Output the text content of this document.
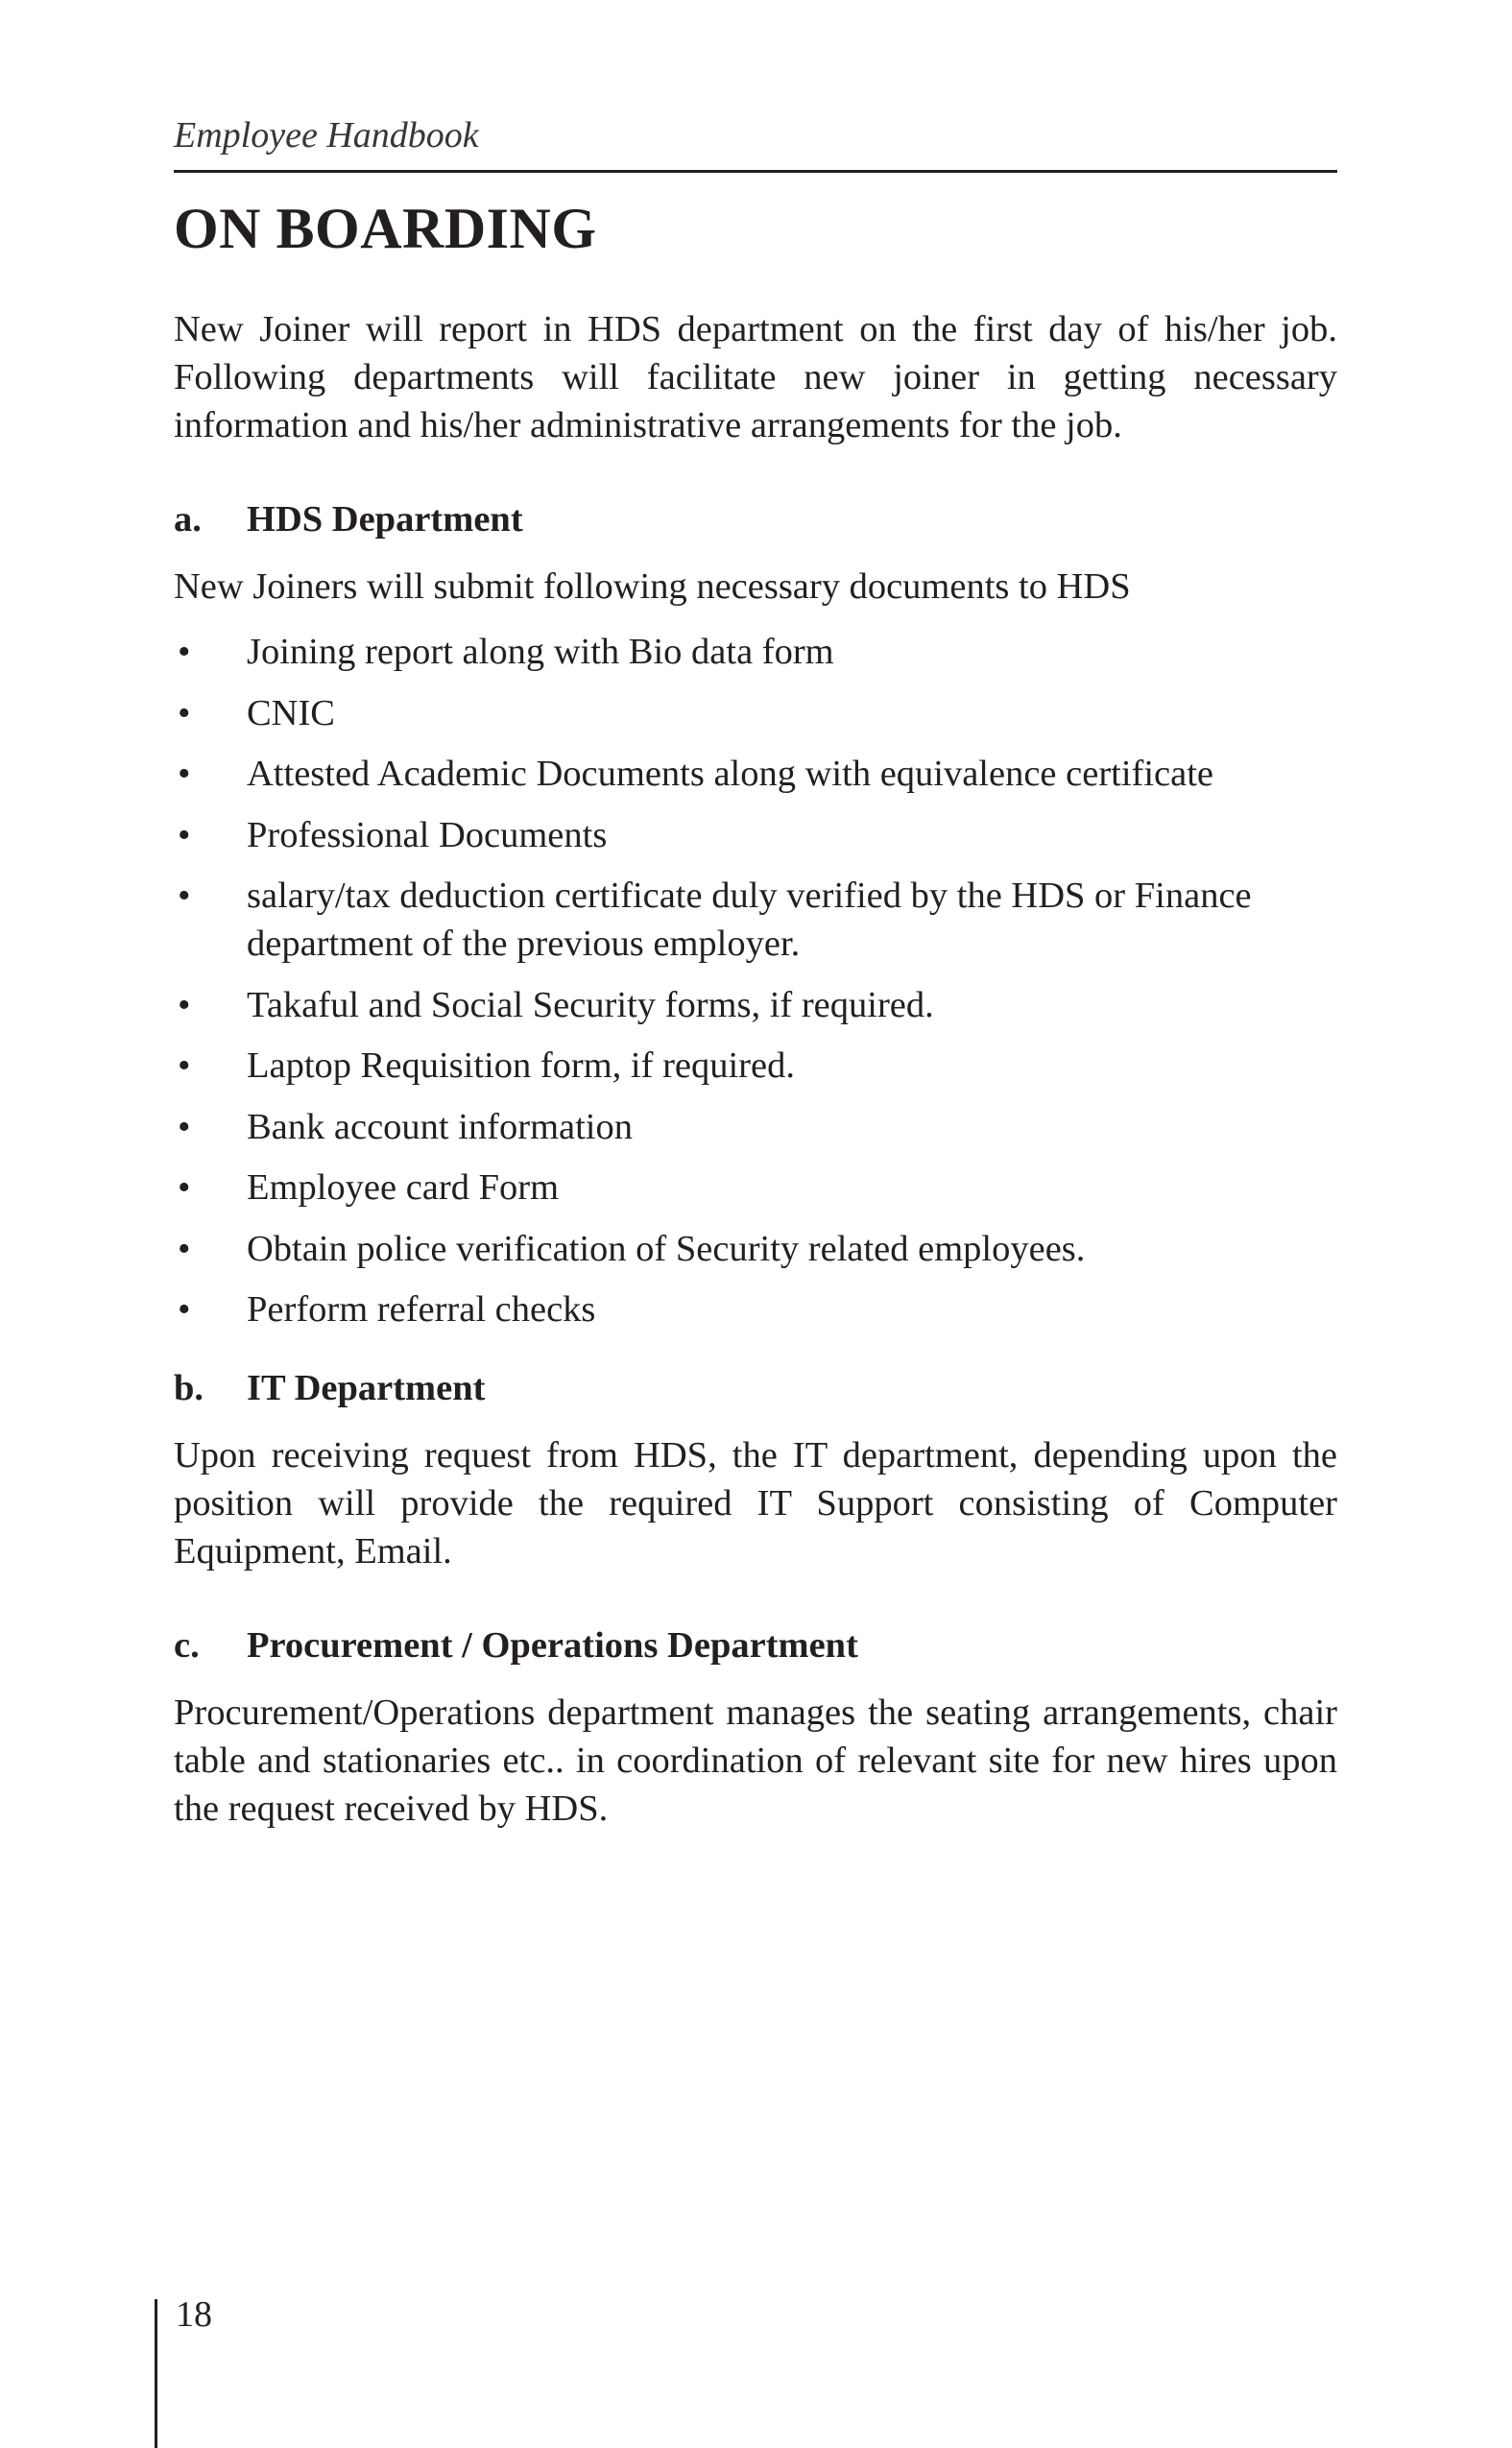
Employee Handbook
ON BOARDING

New Joiner will report in HDS department on the first day of his/her job. Following departments will facilitate new joiner in getting necessary information and his/her administrative arrangements for the job.

a.	HDS Department

New Joiners will submit following necessary documents to HDS

•	Joining report along with Bio data form
•	CNIC
•	Attested Academic Documents along with equivalence certificate
•	Professional Documents
•	salary/tax deduction certificate duly verified by the HDS or Finance department of the previous employer.
•	Takaful and Social Security forms, if required.
•	Laptop Requisition form, if required.
•	Bank account information
•	Employee card Form
•	Obtain police verification of Security related employees.
•	Perform referral checks
b.	IT Department

Upon receiving request from HDS, the IT department, depending upon the position will provide the required IT Support consisting of Computer Equipment, Email.

c.	Procurement / Operations Department

Procurement/Operations department manages the seating arrangements, chair table and stationaries etc.. in coordination of relevant site for new hires upon the request received by HDS.

18
